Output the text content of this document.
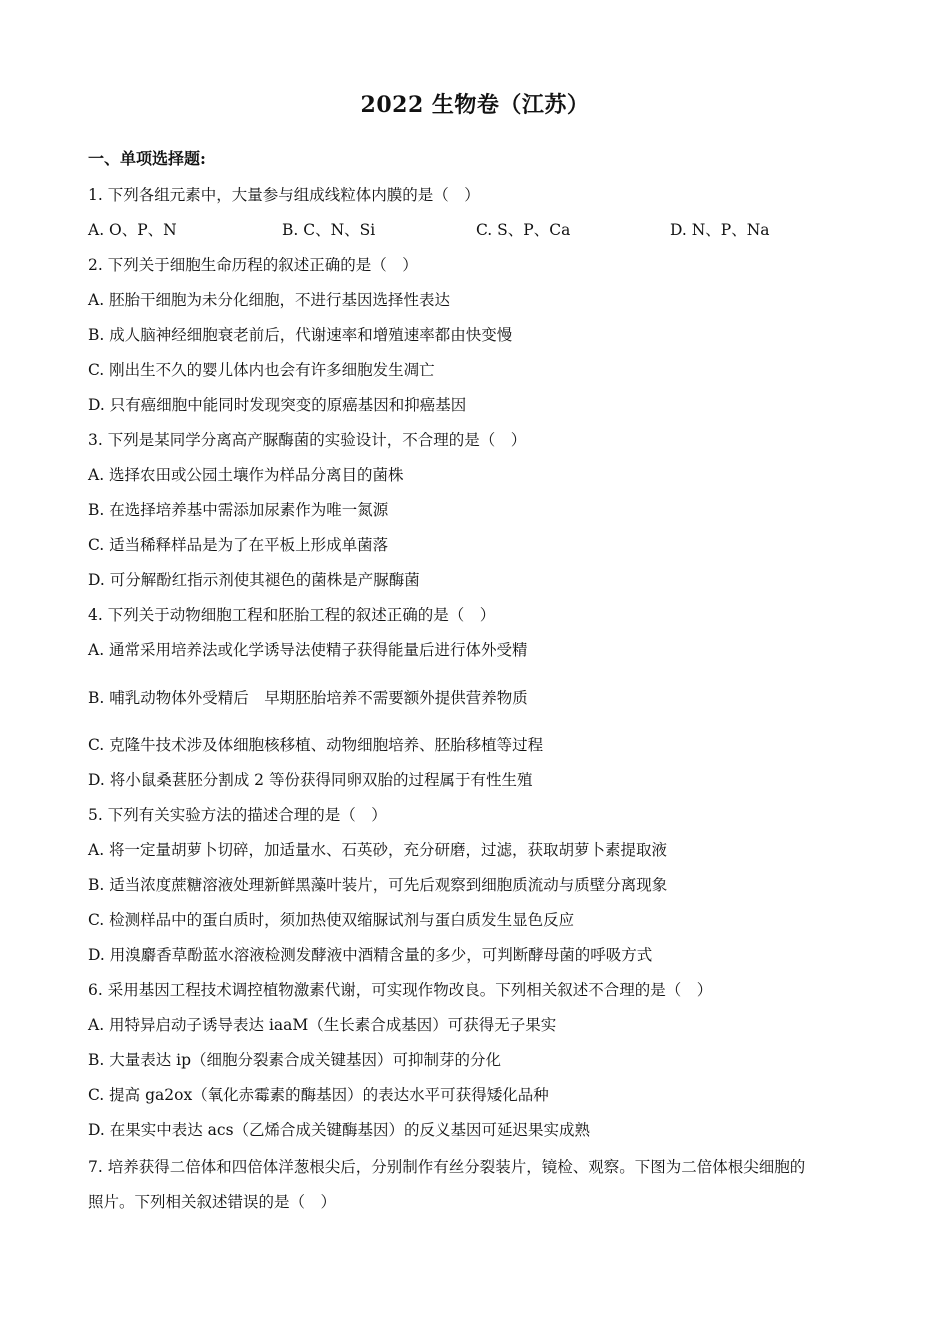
2022 生物卷（江苏）
一、单项选择题:
1. 下列各组元素中，大量参与组成线粒体内膜的是（　）
A. O、P、N	B. C、N、Si	C. S、P、Ca	D. N、P、Na
2. 下列关于细胞生命历程的叙述正确的是（　）
A. 胚胎干细胞为未分化细胞，不进行基因选择性表达
B. 成人脑神经细胞衰老前后，代谢速率和增殖速率都由快变慢
C. 刚出生不久的婴儿体内也会有许多细胞发生凋亡
D. 只有癌细胞中能同时发现突变的原癌基因和抑癌基因
3. 下列是某同学分离高产脲酶菌的实验设计，不合理的是（　）
A. 选择农田或公园土壤作为样品分离目的菌株
B. 在选择培养基中需添加尿素作为唯一氮源
C. 适当稀释样品是为了在平板上形成单菌落
D. 可分解酚红指示剂使其褪色的菌株是产脲酶菌
4. 下列关于动物细胞工程和胚胎工程的叙述正确的是（　）
A. 通常采用培养法或化学诱导法使精子获得能量后进行体外受精
B. 哺乳动物体外受精后　早期胚胎培养不需要额外提供营养物质
C. 克隆牛技术涉及体细胞核移植、动物细胞培养、胚胎移植等过程
D. 将小鼠桑葚胚分割成 2 等份获得同卵双胎的过程属于有性生殖
5. 下列有关实验方法的描述合理的是（　）
A. 将一定量胡萝卜切碎，加适量水、石英砂，充分研磨，过滤，获取胡萝卜素提取液
B. 适当浓度蔗糖溶液处理新鲜黑藻叶装片，可先后观察到细胞质流动与质壁分离现象
C. 检测样品中的蛋白质时，须加热使双缩脲试剂与蛋白质发生显色反应
D. 用溴麝香草酚蓝水溶液检测发酵液中酒精含量的多少，可判断酵母菌的呼吸方式
6. 采用基因工程技术调控植物激素代谢，可实现作物改良。下列相关叙述不合理的是（　）
A. 用特异启动子诱导表达 iaaM（生长素合成基因）可获得无子果实
B. 大量表达 ip（细胞分裂素合成关键基因）可抑制芽的分化
C. 提高 ga2ox（氧化赤霉素的酶基因）的表达水平可获得矮化品种
D. 在果实中表达 acs（乙烯合成关键酶基因）的反义基因可延迟果实成熟
7. 培养获得二倍体和四倍体洋葱根尖后，分别制作有丝分裂装片，镜检、观察。下图为二倍体根尖细胞的
照片。下列相关叙述错误的是（　）
